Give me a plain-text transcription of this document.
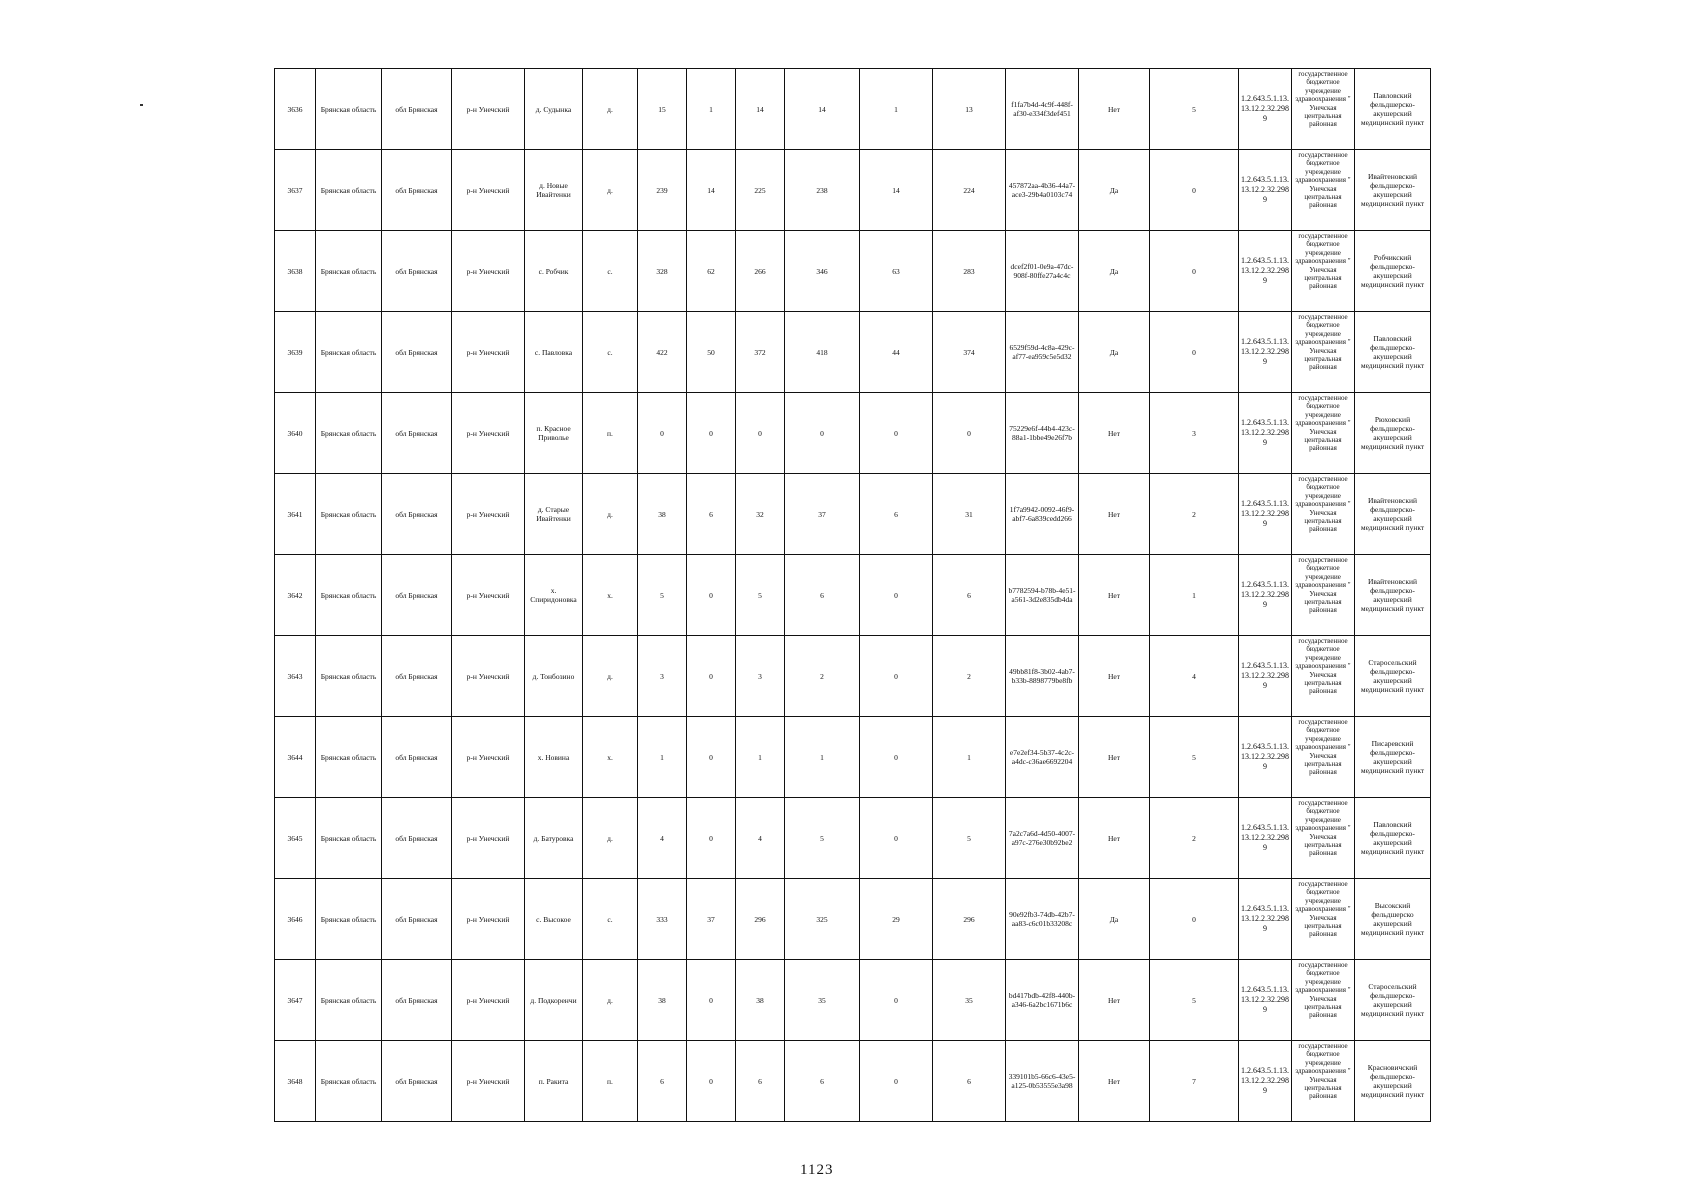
3636	Брянская область	обл Брянская	р-н Унечский	д. Судынка	д.	15	1	14	14	1	13	f1fa7b4d-4c9f-448f-af30-e334f3def451	Нет	5	1.2.643.5.1.13.13.12.2.32.2989	государственное бюджетное учреждение здравоохранения " Унечская центральная районная	Павловский фельдшерско-акушерский медицинский пункт
3637	Брянская область	обл Брянская	р-н Унечский	д. Новые Ивайтенки	д.	239	14	225	238	14	224	457872aa-4b36-44a7-ace3-29b4a0103c74	Да	0	1.2.643.5.1.13.13.12.2.32.2989	государственное бюджетное учреждение здравоохранения " Унечская центральная районная	Ивайтеновский фельдшерско-акушерский медицинский пункт
3638	Брянская область	обл Брянская	р-н Унечский	с. Робчик	с.	328	62	266	346	63	283	dcef2f01-0e9a-47dc-908f-80ffe27a4c4c	Да	0	1.2.643.5.1.13.13.12.2.32.2989	государственное бюджетное учреждение здравоохранения " Унечская центральная районная	Робчикский фельдшерско-акушерский медицинский пункт
3639	Брянская область	обл Брянская	р-н Унечский	с. Павловка	с.	422	50	372	418	44	374	6529f59d-4c8a-429c-af77-ea959c5e5d32	Да	0	1.2.643.5.1.13.13.12.2.32.2989	государственное бюджетное учреждение здравоохранения " Унечская центральная районная	Павловский фельдшерско-акушерский медицинский пункт
3640	Брянская область	обл Брянская	р-н Унечский	п. Красное Приволье	п.	0	0	0	0	0	0	75229e6f-44b4-423c-88a1-1bbe49e26f7b	Нет	3	1.2.643.5.1.13.13.12.2.32.2989	государственное бюджетное учреждение здравоохранения " Унечская центральная районная	Рюховский фельдшерско-акушерский медицинский пункт
3641	Брянская область	обл Брянская	р-н Унечский	д. Старые Ивайтенки	д.	38	6	32	37	6	31	1f7a9942-0092-46f9-abf7-6a839cedd266	Нет	2	1.2.643.5.1.13.13.12.2.32.2989	государственное бюджетное учреждение здравоохранения " Унечская центральная районная	Ивайтеновский фельдшерско-акушерский медицинский пункт
3642	Брянская область	обл Брянская	р-н Унечский	х. Спиридоновка	х.	5	0	5	6	0	6	b7782594-b78b-4e51-a561-3d2e835db4da	Нет	1	1.2.643.5.1.13.13.12.2.32.2989	государственное бюджетное учреждение здравоохранения " Унечская центральная районная	Ивайтеновский фельдшерско-акушерский медицинский пункт
3643	Брянская область	обл Брянская	р-н Унечский	д. Тонбозино	д.	3	0	3	2	0	2	49bb81f8-3b02-4ab7-b33b-8898779be8fb	Нет	4	1.2.643.5.1.13.13.12.2.32.2989	государственное бюджетное учреждение здравоохранения " Унечская центральная районная	Старосельский фельдшерско-акушерский медицинский пункт
3644	Брянская область	обл Брянская	р-н Унечский	х. Новина	х.	1	0	1	1	0	1	e7e2ef34-5b37-4c2c-a4dc-c36ae6692204	Нет	5	1.2.643.5.1.13.13.12.2.32.2989	государственное бюджетное учреждение здравоохранения " Унечская центральная районная	Писаревский фельдшерско-акушерский медицинский пункт
3645	Брянская область	обл Брянская	р-н Унечский	д. Батуровка	д.	4	0	4	5	0	5	7a2c7a6d-4d50-4007-a97c-276e30b92be2	Нет	2	1.2.643.5.1.13.13.12.2.32.2989	государственное бюджетное учреждение здравоохранения " Унечская центральная районная	Павловский фельдшерско-акушерский медицинский пункт
3646	Брянская область	обл Брянская	р-н Унечский	с. Высокое	с.	333	37	296	325	29	296	90e92fb3-74db-42b7-aa83-c6c01b33208c	Да	0	1.2.643.5.1.13.13.12.2.32.2989	государственное бюджетное учреждение здравоохранения " Унечская центральная районная	Высокский фельдшерско акушерский медицинский пункт
3647	Брянская область	обл Брянская	р-н Унечский	д. Подкоренчи	д.	38	0	38	35	0	35	bd417bdb-42f8-440b-a346-6a2bc1671b6c	Нет	5	1.2.643.5.1.13.13.12.2.32.2989	государственное бюджетное учреждение здравоохранения " Унечская центральная районная	Старосельский фельдшерско-акушерский медицинский пункт
3648	Брянская область	обл Брянская	р-н Унечский	п. Ракита	п.	6	0	6	6	0	6	339101b5-66c6-43e5-a125-0b53555e3a98	Нет	7	1.2.643.5.1.13.13.12.2.32.2989	государственное бюджетное учреждение здравоохранения " Унечская центральная районная	Красновичский фельдшерско-акушерский медицинский пункт
1123
